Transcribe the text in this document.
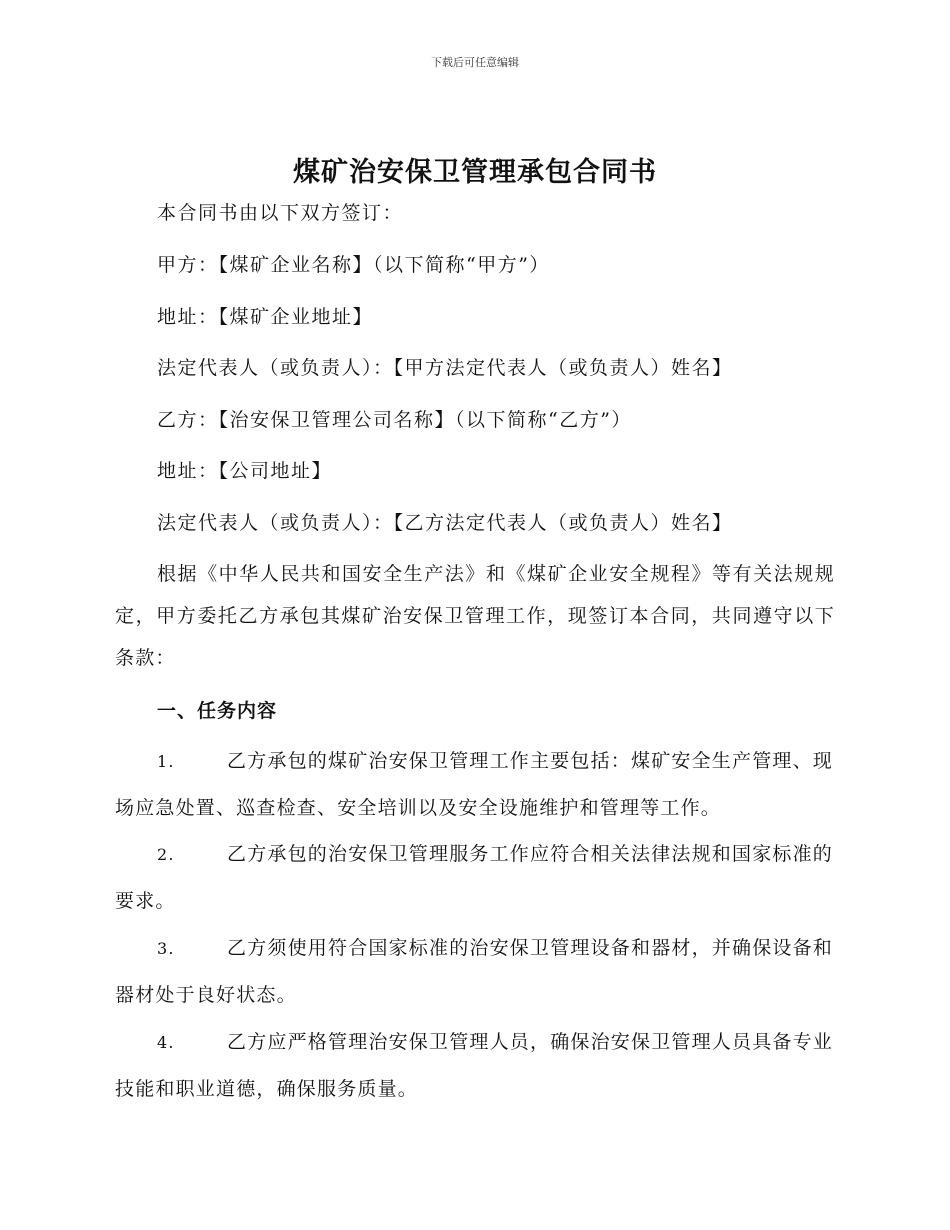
下载后可任意编辑
煤矿治安保卫管理承包合同书
本合同书由以下双方签订：
甲方：【煤矿企业名称】（以下简称“甲方”）
地址：【煤矿企业地址】
法定代表人（或负责人）：【甲方法定代表人（或负责人）姓名】
乙方：【治安保卫管理公司名称】（以下简称“乙方”）
地址：【公司地址】
法定代表人（或负责人）：【乙方法定代表人（或负责人）姓名】
根据《中华人民共和国安全生产法》和《煤矿企业安全规程》等有关法规规定，甲方委托乙方承包其煤矿治安保卫管理工作，现签订本合同，共同遵守以下条款：
一、任务内容
1.	乙方承包的煤矿治安保卫管理工作主要包括：煤矿安全生产管理、现场应急处置、巡查检查、安全培训以及安全设施维护和管理等工作。
2.	乙方承包的治安保卫管理服务工作应符合相关法律法规和国家标准的要求。
3.	乙方须使用符合国家标准的治安保卫管理设备和器材，并确保设备和器材处于良好状态。
4.	乙方应严格管理治安保卫管理人员，确保治安保卫管理人员具备专业技能和职业道德，确保服务质量。
